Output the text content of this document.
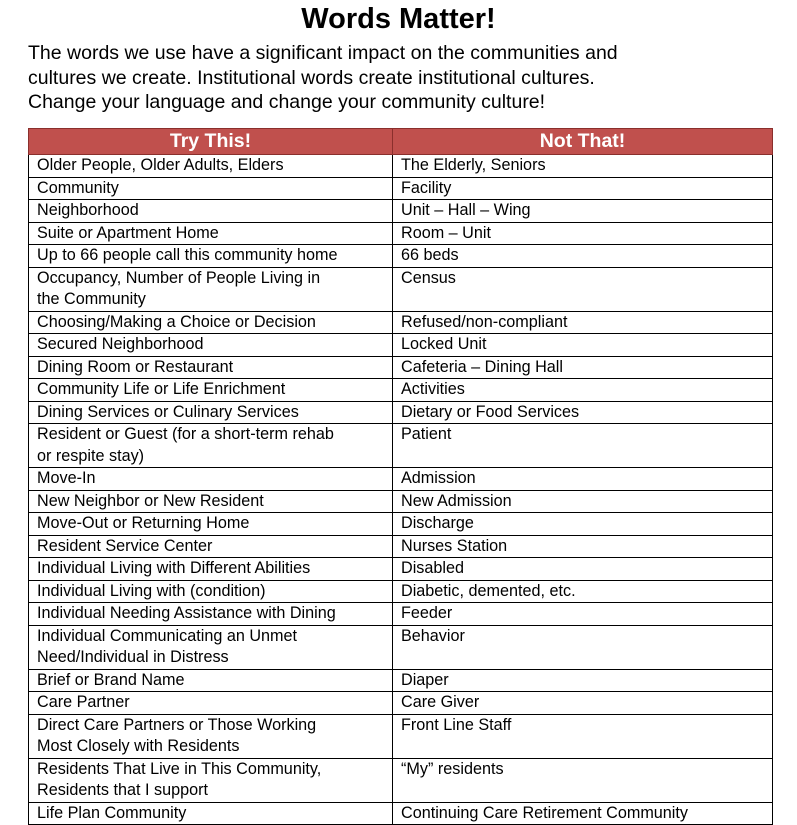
Words Matter!
The words we use have a significant impact on the communities and
cultures we create. Institutional words create institutional cultures.
Change your language and change your community culture!
Try This!	Not That!
Older People, Older Adults, Elders	The Elderly, Seniors
Community	Facility
Neighborhood	Unit – Hall – Wing
Suite or Apartment Home	Room – Unit
Up to 66 people call this community home	66 beds
Occupancy, Number of People Living in
the Community	Census
Choosing/Making a Choice or Decision	Refused/non-compliant
Secured Neighborhood	Locked Unit
Dining Room or Restaurant	Cafeteria – Dining Hall
Community Life or Life Enrichment	Activities
Dining Services or Culinary Services	Dietary or Food Services
Resident or Guest (for a short-term rehab
or respite stay)	Patient
Move-In	Admission
New Neighbor or New Resident	New Admission
Move-Out or Returning Home	Discharge
Resident Service Center	Nurses Station
Individual Living with Different Abilities	Disabled
Individual Living with (condition)	Diabetic, demented, etc.
Individual Needing Assistance with Dining	Feeder
Individual Communicating an Unmet
Need/Individual in Distress	Behavior
Brief or Brand Name	Diaper
Care Partner	Care Giver
Direct Care Partners or Those Working
Most Closely with Residents	Front Line Staff
Residents That Live in This Community,
Residents that I support	“My” residents
Life Plan Community	Continuing Care Retirement Community
